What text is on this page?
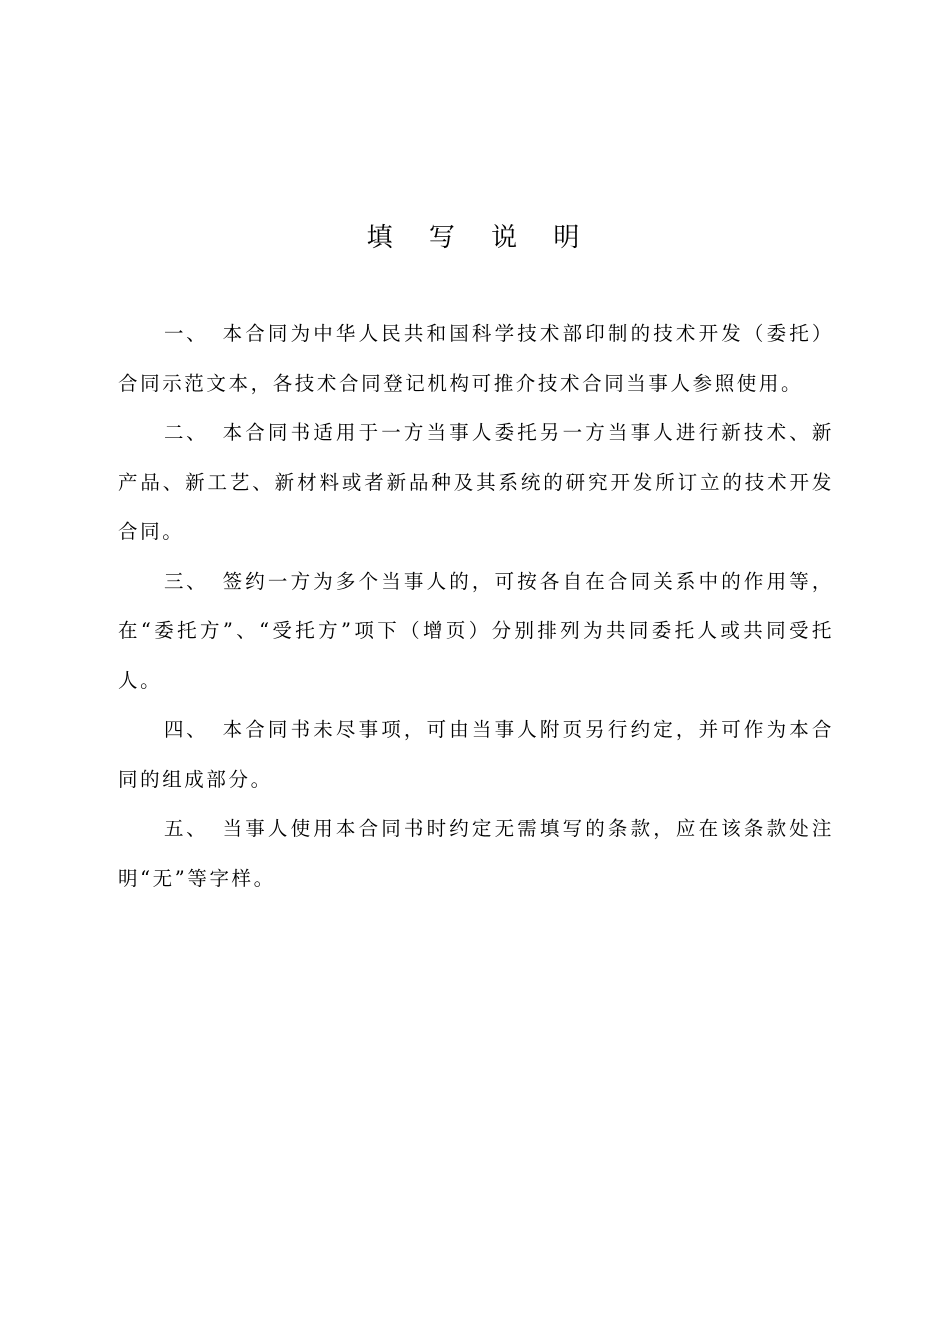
填 写 说 明

一、 本合同为中华人民共和国科学技术部印制的技术开发（委托）合同示范文本，各技术合同登记机构可推介技术合同当事人参照使用。

二、 本合同书适用于一方当事人委托另一方当事人进行新技术、新产品、新工艺、新材料或者新品种及其系统的研究开发所订立的技术开发合同。

三、 签约一方为多个当事人的，可按各自在合同关系中的作用等，在“委托方”、“受托方”项下（增页）分别排列为共同委托人或共同受托人。

四、 本合同书未尽事项，可由当事人附页另行约定，并可作为本合同的组成部分。

五、 当事人使用本合同书时约定无需填写的条款，应在该条款处注明“无”等字样。
